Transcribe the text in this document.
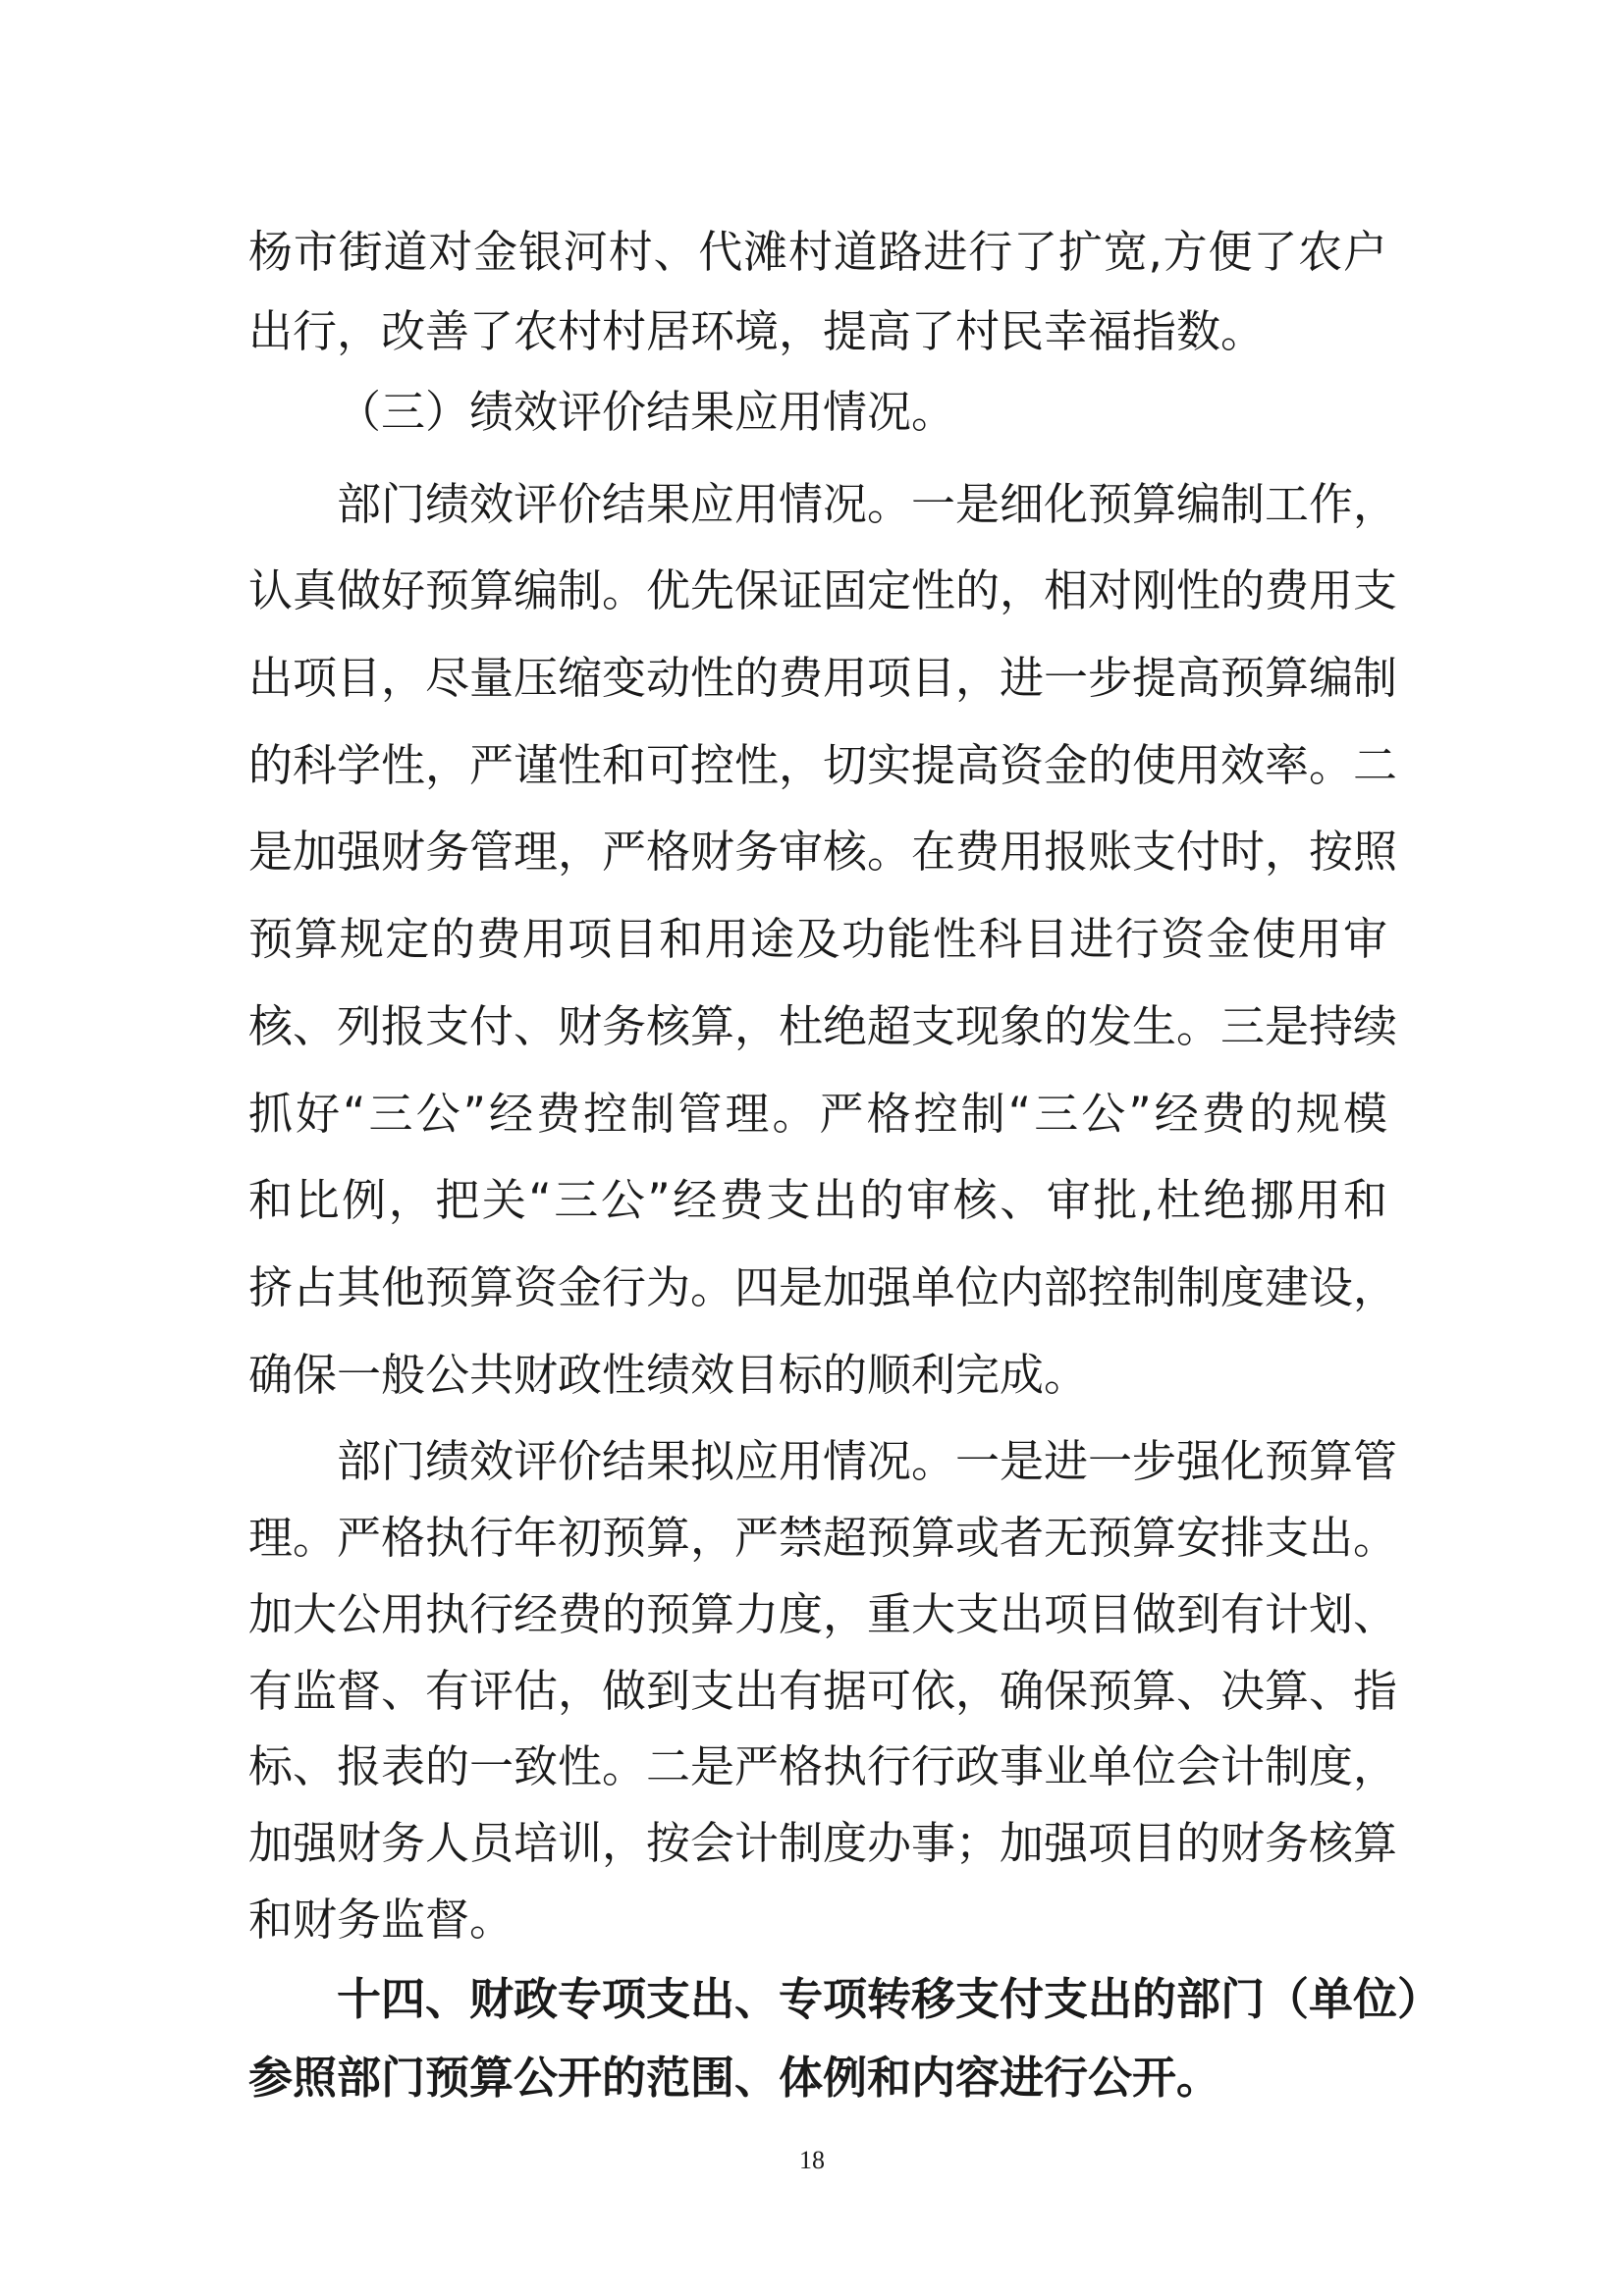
杨市街道对金银河村、代滩村道路进行了扩宽,方便了农户
出行，改善了农村村居环境，提高了村民幸福指数。
（三）绩效评价结果应用情况。
部门绩效评价结果应用情况。一是细化预算编制工作，
认真做好预算编制。优先保证固定性的，相对刚性的费用支
出项目，尽量压缩变动性的费用项目，进一步提高预算编制
的科学性，严谨性和可控性，切实提高资金的使用效率。二
是加强财务管理，严格财务审核。在费用报账支付时，按照
预算规定的费用项目和用途及功能性科目进行资金使用审
核、列报支付、财务核算，杜绝超支现象的发生。三是持续
抓好“三公”经费控制管理。严格控制“三公”经费的规模
和比例，把关“三公”经费支出的审核、审批,杜绝挪用和
挤占其他预算资金行为。四是加强单位内部控制制度建设，
确保一般公共财政性绩效目标的顺利完成。
部门绩效评价结果拟应用情况。一是进一步强化预算管
理。严格执行年初预算，严禁超预算或者无预算安排支出。
加大公用执行经费的预算力度，重大支出项目做到有计划、
有监督、有评估，做到支出有据可依，确保预算、决算、指
标、报表的一致性。二是严格执行行政事业单位会计制度，
加强财务人员培训，按会计制度办事；加强项目的财务核算
和财务监督。
十四、财政专项支出、专项转移支付支出的部门（单位）
参照部门预算公开的范围、体例和内容进行公开。
18
